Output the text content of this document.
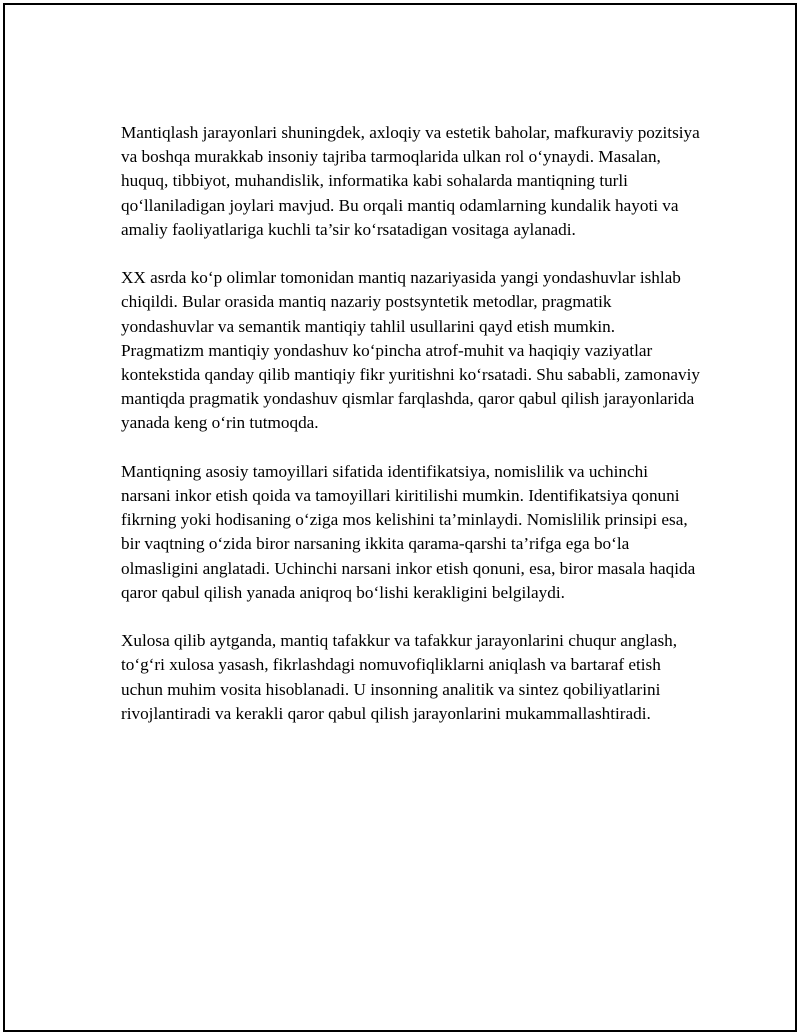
Mantiqlash jarayonlari shuningdek, axloqiy va estetik baholar, mafkuraviy pozitsiya va boshqa murakkab insoniy tajriba tarmoqlarida ulkan rol o‘ynaydi. Masalan, huquq, tibbiyot, muhandislik, informatika kabi sohalarda mantiqning turli qo‘llaniladigan joylari mavjud. Bu orqali mantiq odamlarning kundalik hayoti va amaliy faoliyatlariga kuchli ta’sir ko‘rsatadigan vositaga aylanadi.

XX asrda ko‘p olimlar tomonidan mantiq nazariyasida yangi yondashuvlar ishlab chiqildi. Bular orasida mantiq nazariy postsyntetik metodlar, pragmatik yondashuvlar va semantik mantiqiy tahlil usullarini qayd etish mumkin. Pragmatizm mantiqiy yondashuv ko‘pincha atrof-muhit va haqiqiy vaziyatlar kontekstida qanday qilib mantiqiy fikr yuritishni ko‘rsatadi. Shu sababli, zamonaviy mantiqda pragmatik yondashuv qismlar farqlashda, qaror qabul qilish jarayonlarida yanada keng o‘rin tutmoqda.

Mantiqning asosiy tamoyillari sifatida identifikatsiya, nomislilik va uchinchi narsani inkor etish qoida va tamoyillari kiritilishi mumkin. Identifikatsiya qonuni fikrning yoki hodisaning o‘ziga mos kelishini ta’minlaydi. Nomislilik prinsipi esa, bir vaqtning o‘zida biror narsaning ikkita qarama-qarshi ta’rifga ega bo‘la olmasligini anglatadi. Uchinchi narsani inkor etish qonuni, esa, biror masala haqida qaror qabul qilish yanada aniqroq bo‘lishi kerakligini belgilaydi.

Xulosa qilib aytganda, mantiq tafakkur va tafakkur jarayonlarini chuqur anglash, to‘g‘ri xulosa yasash, fikrlashdagi nomuvofiqliklarni aniqlash va bartaraf etish uchun muhim vosita hisoblanadi. U insonning analitik va sintez qobiliyatlarini rivojlantiradi va kerakli qaror qabul qilish jarayonlarini mukammallashtiradi.
